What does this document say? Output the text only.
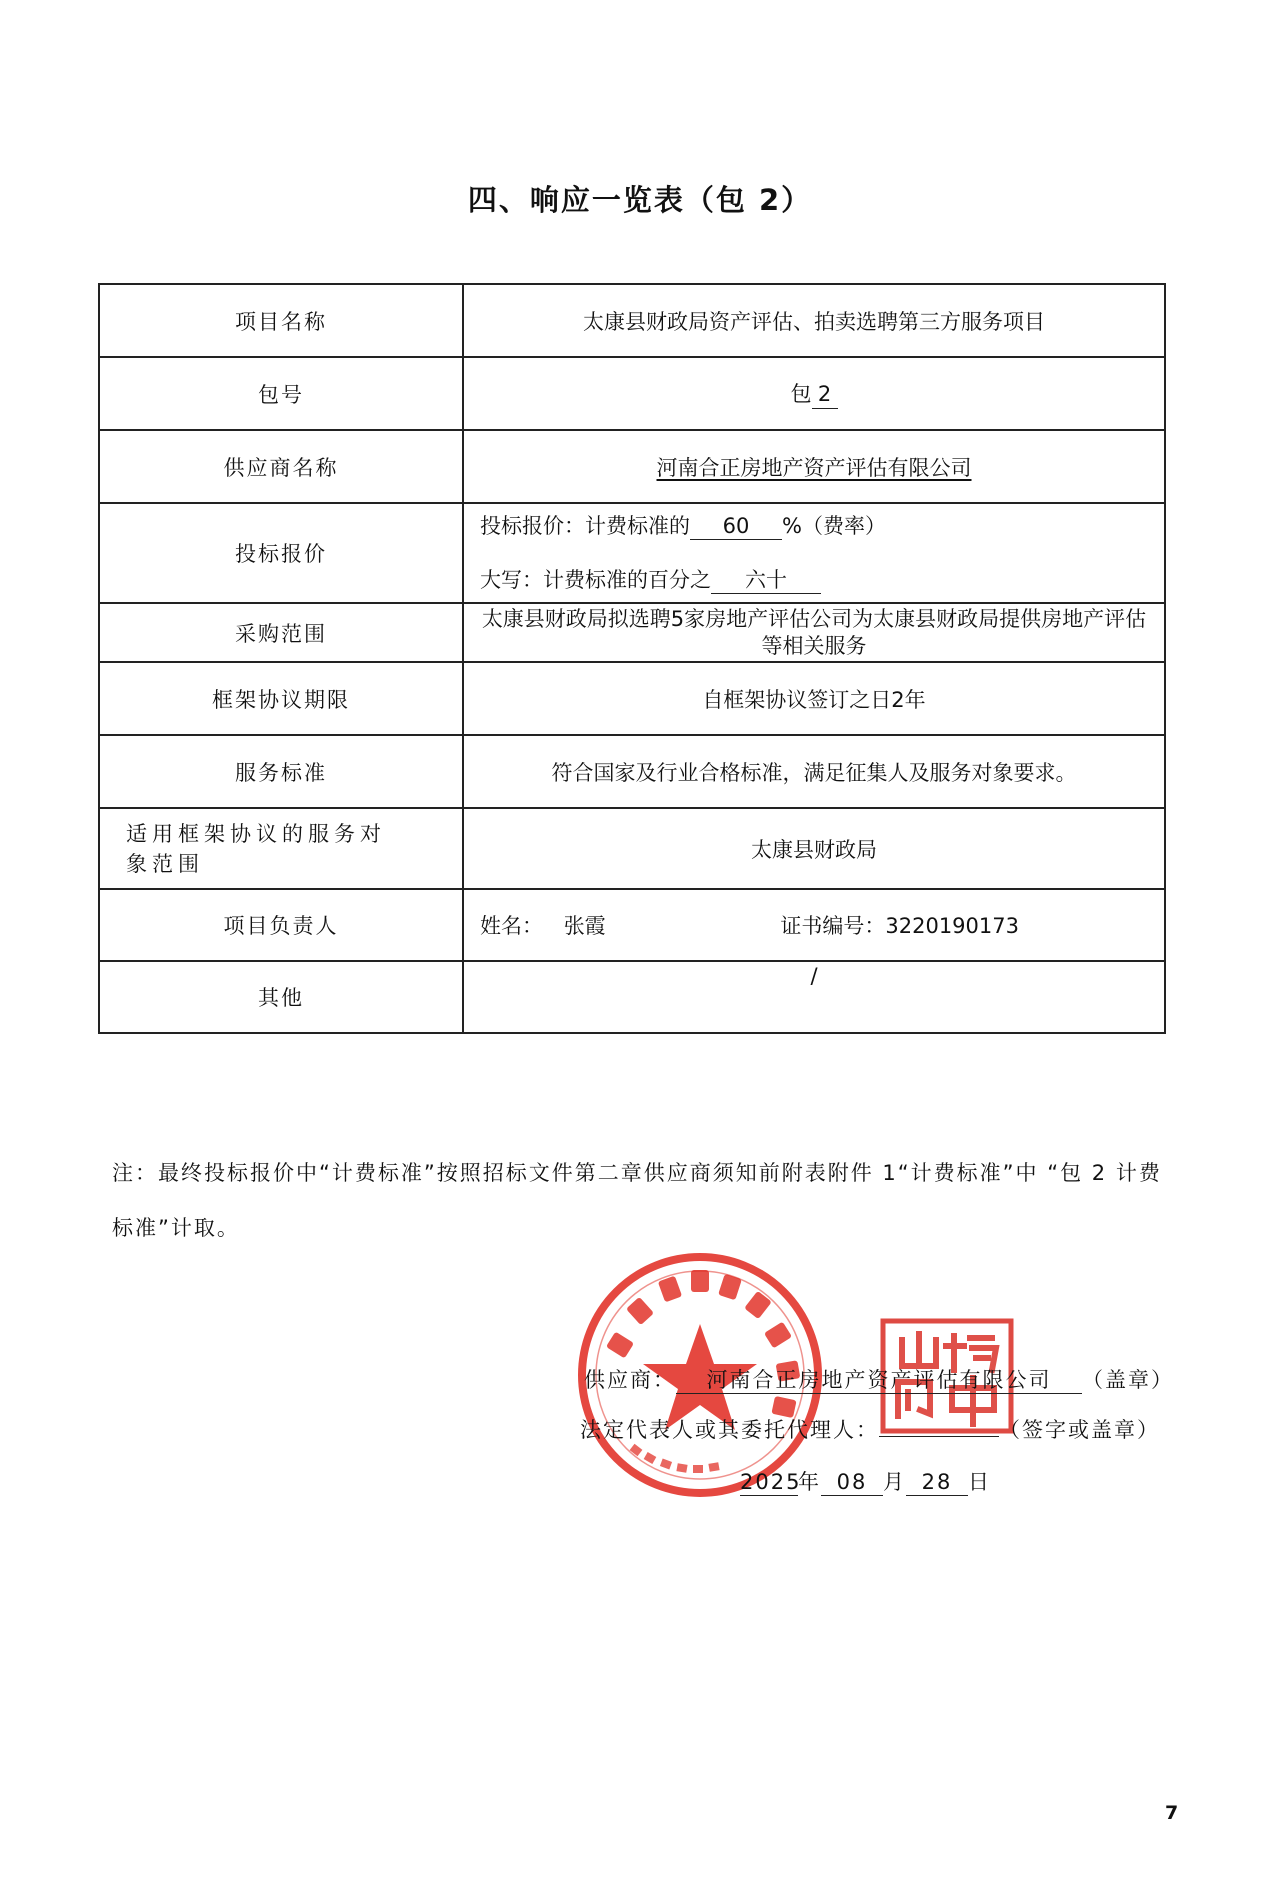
四、响应一览表（包 2）
项目名称	太康县财政局资产评估、拍卖选聘第三方服务项目
包号	包 2
供应商名称	河南合正房地产资产评估有限公司
投标报价	投标报价：计费标准的 60 %（费率）
大写：计费标准的百分之 六十

采购范围	太康县财政局拟选聘5家房地产评估公司为太康县财政局提供房地产评估等相关服务
框架协议期限	自框架协议签订之日2年
服务标准	符合国家及行业合格标准，满足征集人及服务对象要求。
适用框架协议的服务对象范围	太康县财政局
项目负责人	姓名： 张霞 证书编号：3220190173
其他	/
注：最终投标报价中“计费标准”按照招标文件第二章供应商须知前附表附件 1“计费标准”中 “包 2 计费标准”计取。
供应商： 河南合正房地产资产评估有限公司 （盖章）
法定代表人或其委托代理人：	（签字或盖章）
2025年 08 月 28 日
7
